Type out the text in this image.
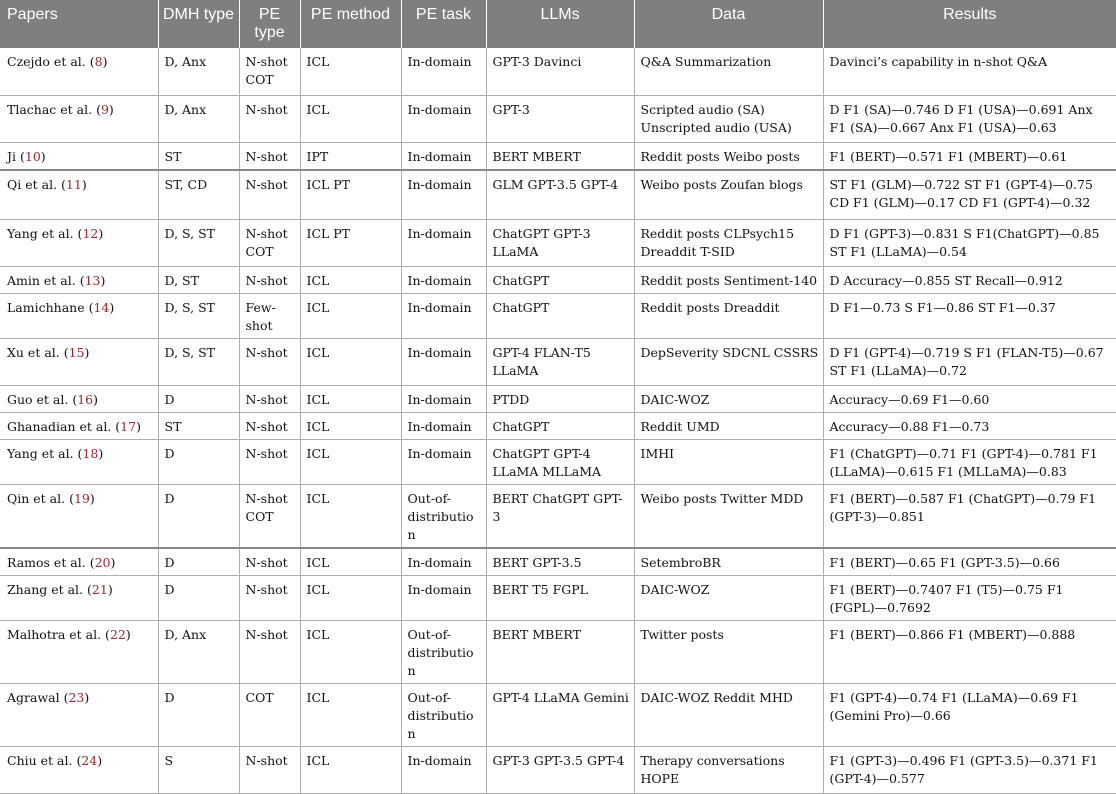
Papers	DMH type	PE type	PE method	PE task	LLMs	Data	Results
Czejdo et al. (8)	D, Anx	N-shot COT	ICL	In-domain	GPT-3 Davinci	Q&A Summarization	Davinci’s capability in n-shot Q&A
Tlachac et al. (9)	D, Anx	N-shot	ICL	In-domain	GPT-3	Scripted audio (SA) Unscripted audio (USA)	D F1 (SA)—0.746 D F1 (USA)—0.691 Anx F1 (SA)—0.667 Anx F1 (USA)—0.63
Ji (10)	ST	N-shot	IPT	In-domain	BERT MBERT	Reddit posts Weibo posts	F1 (BERT)—0.571 F1 (MBERT)—0.61
Qi et al. (11)	ST, CD	N-shot	ICL PT	In-domain	GLM GPT-3.5 GPT-4	Weibo posts Zoufan blogs	ST F1 (GLM)—0.722 ST F1 (GPT-4)—0.75 CD F1 (GLM)—0.17 CD F1 (GPT-4)—0.32
Yang et al. (12)	D, S, ST	N-shot COT	ICL PT	In-domain	ChatGPT GPT-3 LLaMA	Reddit posts CLPsych15 Dreaddit T-SID	D F1 (GPT-3)—0.831 S F1(ChatGPT)—0.85 ST F1 (LLaMA)—0.54
Amin et al. (13)	D, ST	N-shot	ICL	In-domain	ChatGPT	Reddit posts Sentiment-140	D Accuracy—0.855 ST Recall—0.912
Lamichhane (14)	D, S, ST	Few-shot	ICL	In-domain	ChatGPT	Reddit posts Dreaddit	D F1—0.73 S F1—0.86 ST F1—0.37
Xu et al. (15)	D, S, ST	N-shot	ICL	In-domain	GPT-4 FLAN-T5 LLaMA	DepSeverity SDCNL CSSRS	D F1 (GPT-4)—0.719 S F1 (FLAN-T5)—0.67 ST F1 (LLaMA)—0.72
Guo et al. (16)	D	N-shot	ICL	In-domain	PTDD	DAIC-WOZ	Accuracy—0.69 F1—0.60
Ghanadian et al. (17)	ST	N-shot	ICL	In-domain	ChatGPT	Reddit UMD	Accuracy—0.88 F1—0.73
Yang et al. (18)	D	N-shot	ICL	In-domain	ChatGPT GPT-4 LLaMA MLLaMA	IMHI	F1 (ChatGPT)—0.71 F1 (GPT-4)—0.781 F1 (LLaMA)—0.615 F1 (MLLaMA)—0.83
Qin et al. (19)	D	N-shot COT	ICL	Out-of-distribution	BERT ChatGPT GPT-3	Weibo posts Twitter MDD	F1 (BERT)—0.587 F1 (ChatGPT)—0.79 F1 (GPT-3)—0.851
Ramos et al. (20)	D	N-shot	ICL	In-domain	BERT GPT-3.5	SetembroBR	F1 (BERT)—0.65 F1 (GPT-3.5)—0.66
Zhang et al. (21)	D	N-shot	ICL	In-domain	BERT T5 FGPL	DAIC-WOZ	F1 (BERT)—0.7407 F1 (T5)—0.75 F1 (FGPL)—0.7692
Malhotra et al. (22)	D, Anx	N-shot	ICL	Out-of-distribution	BERT MBERT	Twitter posts	F1 (BERT)—0.866 F1 (MBERT)—0.888
Agrawal (23)	D	COT	ICL	Out-of-distribution	GPT-4 LLaMA Gemini	DAIC-WOZ Reddit MHD	F1 (GPT-4)—0.74 F1 (LLaMA)—0.69 F1 (Gemini Pro)—0.66
Chiu et al. (24)	S	N-shot	ICL	In-domain	GPT-3 GPT-3.5 GPT-4	Therapy conversations HOPE	F1 (GPT-3)—0.496 F1 (GPT-3.5)—0.371 F1 (GPT-4)—0.577
